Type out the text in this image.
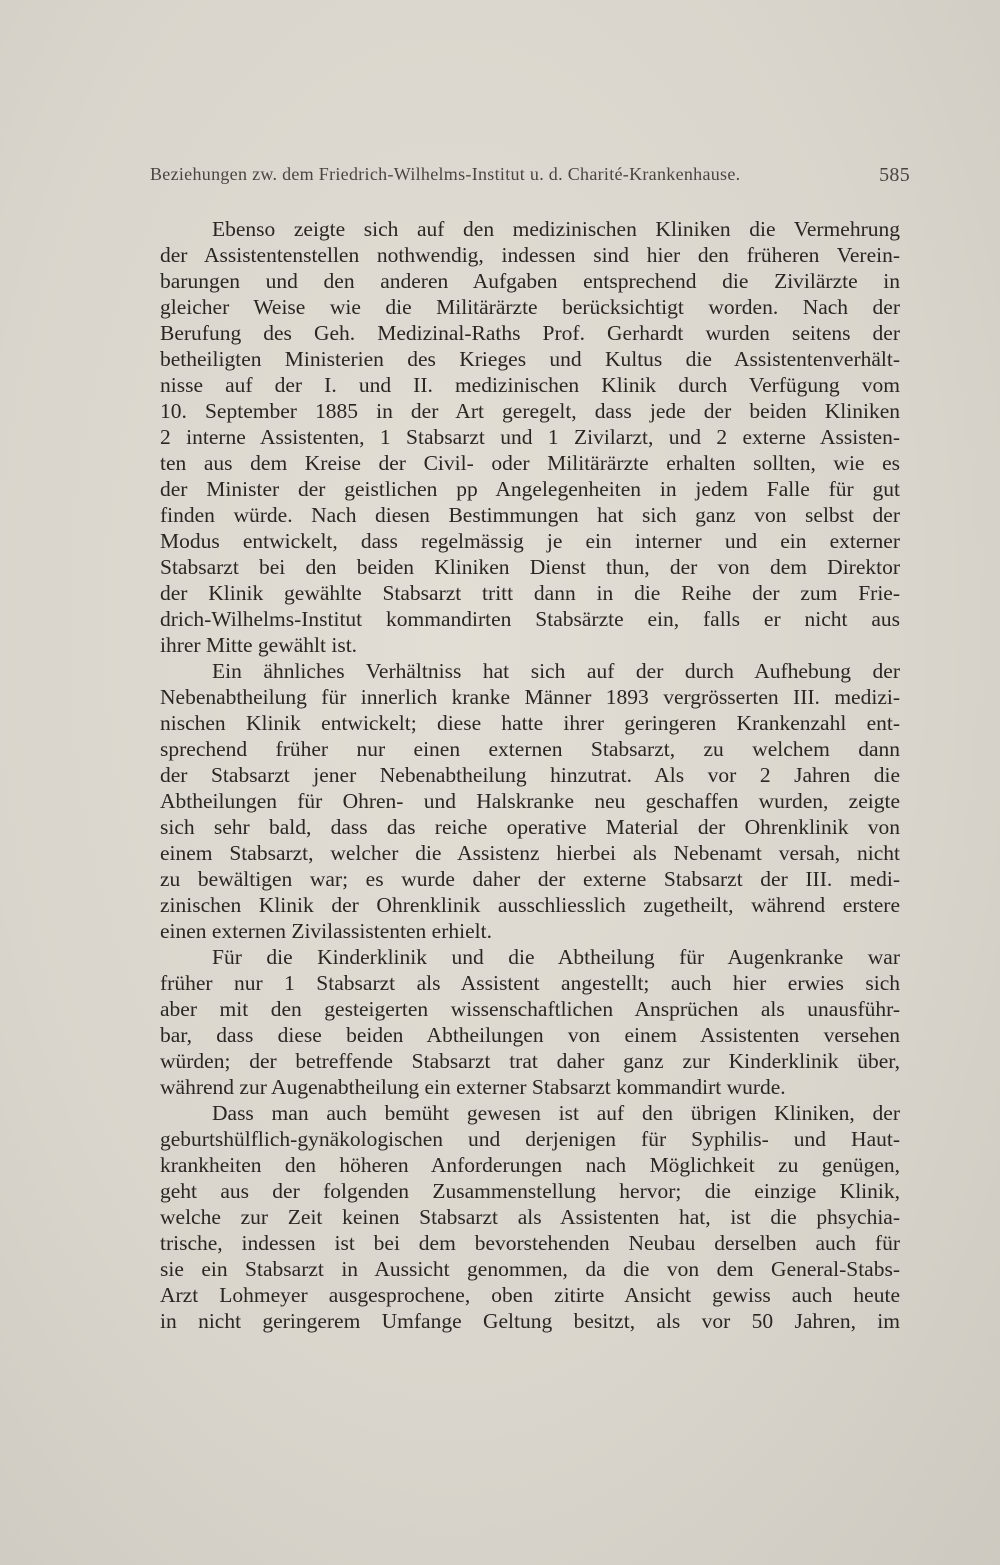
Beziehungen zw. dem Friedrich-Wilhelms-Institut u. d. Charité-Krankenhause.	585
Ebenso zeigte sich auf den medizinischen Kliniken die Vermehrung
der Assistentenstellen nothwendig, indessen sind hier den früheren Verein-
barungen und den anderen Aufgaben entsprechend die Zivilärzte in
gleicher Weise wie die Militärärzte berücksichtigt worden. Nach der
Berufung des Geh. Medizinal-Raths Prof. Gerhardt wurden seitens der
betheiligten Ministerien des Krieges und Kultus die Assistentenverhält-
nisse auf der I. und II. medizinischen Klinik durch Verfügung vom
10. September 1885 in der Art geregelt, dass jede der beiden Kliniken
2 interne Assistenten, 1 Stabsarzt und 1 Zivilarzt, und 2 externe Assisten-
ten aus dem Kreise der Civil- oder Militärärzte erhalten sollten, wie es
der Minister der geistlichen pp Angelegenheiten in jedem Falle für gut
finden würde. Nach diesen Bestimmungen hat sich ganz von selbst der
Modus entwickelt, dass regelmässig je ein interner und ein externer
Stabsarzt bei den beiden Kliniken Dienst thun, der von dem Direktor
der Klinik gewählte Stabsarzt tritt dann in die Reihe der zum Frie-
drich-Wilhelms-Institut kommandirten Stabsärzte ein, falls er nicht aus
ihrer Mitte gewählt ist.
Ein ähnliches Verhältniss hat sich auf der durch Aufhebung der
Nebenabtheilung für innerlich kranke Männer 1893 vergrösserten III. medizi-
nischen Klinik entwickelt; diese hatte ihrer geringeren Krankenzahl ent-
sprechend früher nur einen externen Stabsarzt, zu welchem dann
der Stabsarzt jener Nebenabtheilung hinzutrat. Als vor 2 Jahren die
Abtheilungen für Ohren- und Halskranke neu geschaffen wurden, zeigte
sich sehr bald, dass das reiche operative Material der Ohrenklinik von
einem Stabsarzt, welcher die Assistenz hierbei als Nebenamt versah, nicht
zu bewältigen war; es wurde daher der externe Stabsarzt der III. medi-
zinischen Klinik der Ohrenklinik ausschliesslich zugetheilt, während erstere
einen externen Zivilassistenten erhielt.
Für die Kinderklinik und die Abtheilung für Augenkranke war
früher nur 1 Stabsarzt als Assistent angestellt; auch hier erwies sich
aber mit den gesteigerten wissenschaftlichen Ansprüchen als unausführ-
bar, dass diese beiden Abtheilungen von einem Assistenten versehen
würden; der betreffende Stabsarzt trat daher ganz zur Kinderklinik über,
während zur Augenabtheilung ein externer Stabsarzt kommandirt wurde.
Dass man auch bemüht gewesen ist auf den übrigen Kliniken, der
geburtshülflich-gynäkologischen und derjenigen für Syphilis- und Haut-
krankheiten den höheren Anforderungen nach Möglichkeit zu genügen,
geht aus der folgenden Zusammenstellung hervor; die einzige Klinik,
welche zur Zeit keinen Stabsarzt als Assistenten hat, ist die phsychia-
trische, indessen ist bei dem bevorstehenden Neubau derselben auch für
sie ein Stabsarzt in Aussicht genommen, da die von dem General-Stabs-
Arzt Lohmeyer ausgesprochene, oben zitirte Ansicht gewiss auch heute
in nicht geringerem Umfange Geltung besitzt, als vor 50 Jahren, im
